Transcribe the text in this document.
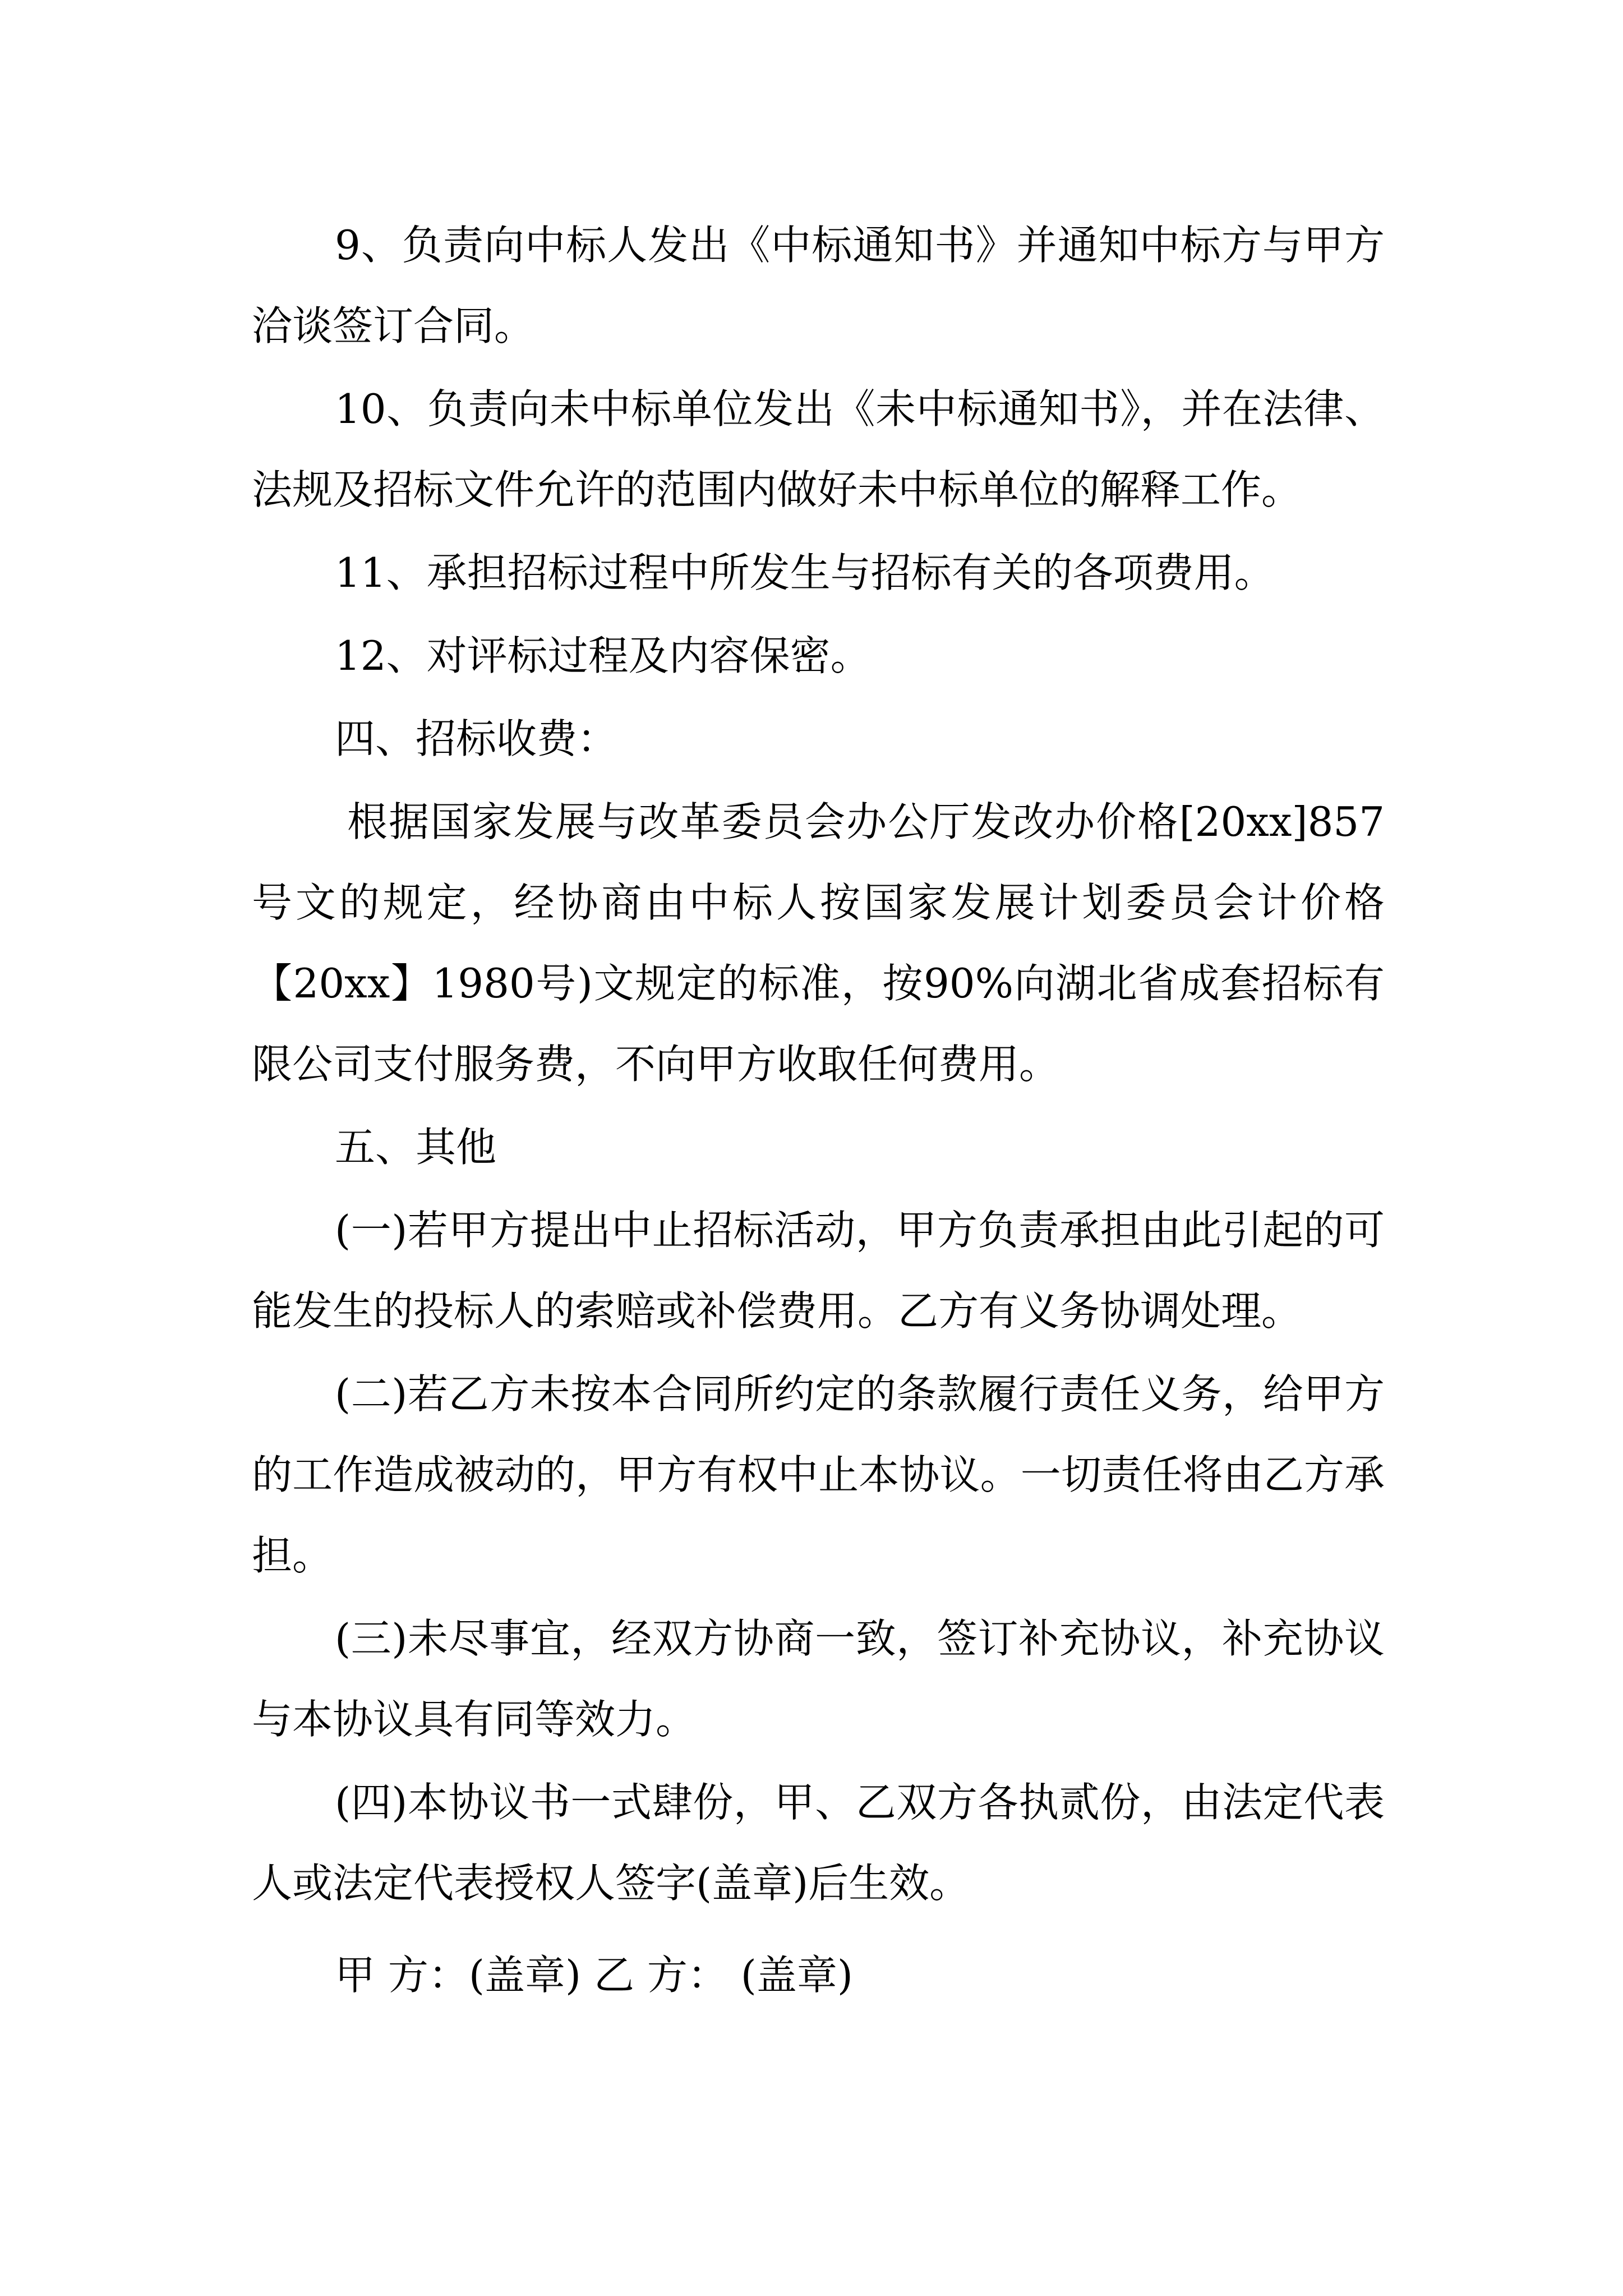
9、负责向中标人发出《中标通知书》并通知中标方与甲方洽谈签订合同。

10、负责向未中标单位发出《未中标通知书》，并在法律、法规及招标文件允许的范围内做好未中标单位的解释工作。

11、承担招标过程中所发生与招标有关的各项费用。

12、对评标过程及内容保密。

四、招标收费：

根据国家发展与改革委员会办公厅发改办价格[20xx]857号文的规定，经协商由中标人按国家发展计划委员会计价格【20xx】1980号)文规定的标准，按90%向湖北省成套招标有限公司支付服务费，不向甲方收取任何费用。

五、其他

(一)若甲方提出中止招标活动，甲方负责承担由此引起的可能发生的投标人的索赔或补偿费用。乙方有义务协调处理。

(二)若乙方未按本合同所约定的条款履行责任义务，给甲方的工作造成被动的，甲方有权中止本协议。一切责任将由乙方承担。

(三)未尽事宜，经双方协商一致，签订补充协议，补充协议与本协议具有同等效力。

(四)本协议书一式肆份，甲、乙双方各执贰份，由法定代表人或法定代表授权人签字(盖章)后生效。

甲 方：(盖章) 乙 方： (盖章)
